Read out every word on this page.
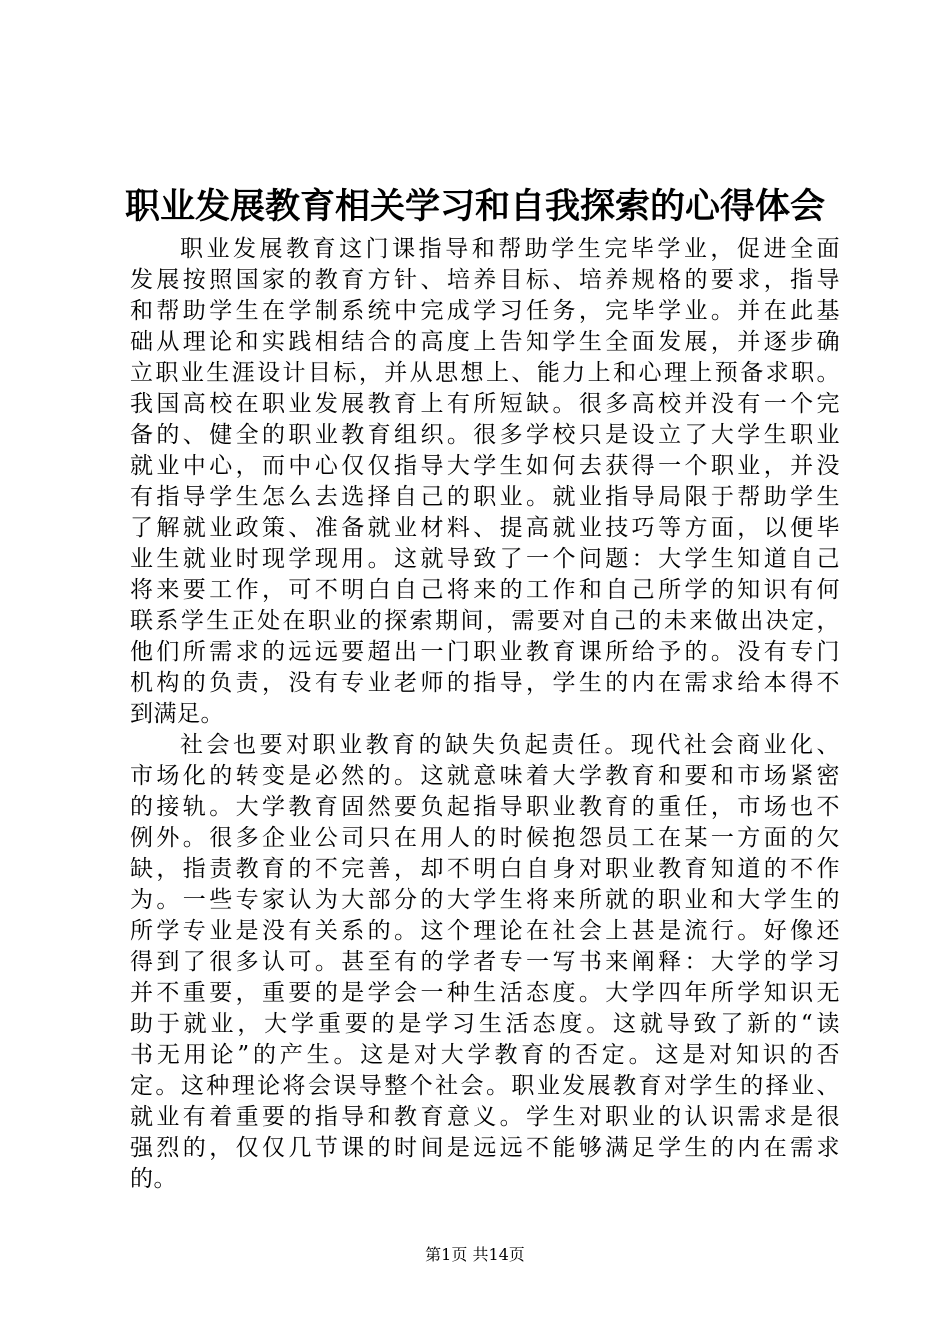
职业发展教育相关学习和自我探索的心得体会
职业发展教育这门课指导和帮助学生完毕学业，促进全面
发展按照国家的教育方针、培养目标、培养规格的要求，指导
和帮助学生在学制系统中完成学习任务，完毕学业。并在此基
础从理论和实践相结合的高度上告知学生全面发展，并逐步确
立职业生涯设计目标，并从思想上、能力上和心理上预备求职。
我国高校在职业发展教育上有所短缺。很多高校并没有一个完
备的、健全的职业教育组织。很多学校只是设立了大学生职业
就业中心，而中心仅仅指导大学生如何去获得一个职业，并没
有指导学生怎么去选择自己的职业。就业指导局限于帮助学生
了解就业政策、准备就业材料、提高就业技巧等方面，以便毕
业生就业时现学现用。这就导致了一个问题：大学生知道自己
将来要工作，可不明白自己将来的工作和自己所学的知识有何
联系学生正处在职业的探索期间，需要对自己的未来做出决定，
他们所需求的远远要超出一门职业教育课所给予的。没有专门
机构的负责，没有专业老师的指导，学生的内在需求给本得不
到满足。
社会也要对职业教育的缺失负起责任。现代社会商业化、
市场化的转变是必然的。这就意味着大学教育和要和市场紧密
的接轨。大学教育固然要负起指导职业教育的重任，市场也不
例外。很多企业公司只在用人的时候抱怨员工在某一方面的欠
缺，指责教育的不完善，却不明白自身对职业教育知道的不作
为。一些专家认为大部分的大学生将来所就的职业和大学生的
所学专业是没有关系的。这个理论在社会上甚是流行。好像还
得到了很多认可。甚至有的学者专一写书来阐释：大学的学习
并不重要，重要的是学会一种生活态度。大学四年所学知识无
助于就业，大学重要的是学习生活态度。这就导致了新的“读
书无用论”的产生。这是对大学教育的否定。这是对知识的否
定。这种理论将会误导整个社会。职业发展教育对学生的择业、
就业有着重要的指导和教育意义。学生对职业的认识需求是很
强烈的，仅仅几节课的时间是远远不能够满足学生的内在需求
的。
第1页 共14页
